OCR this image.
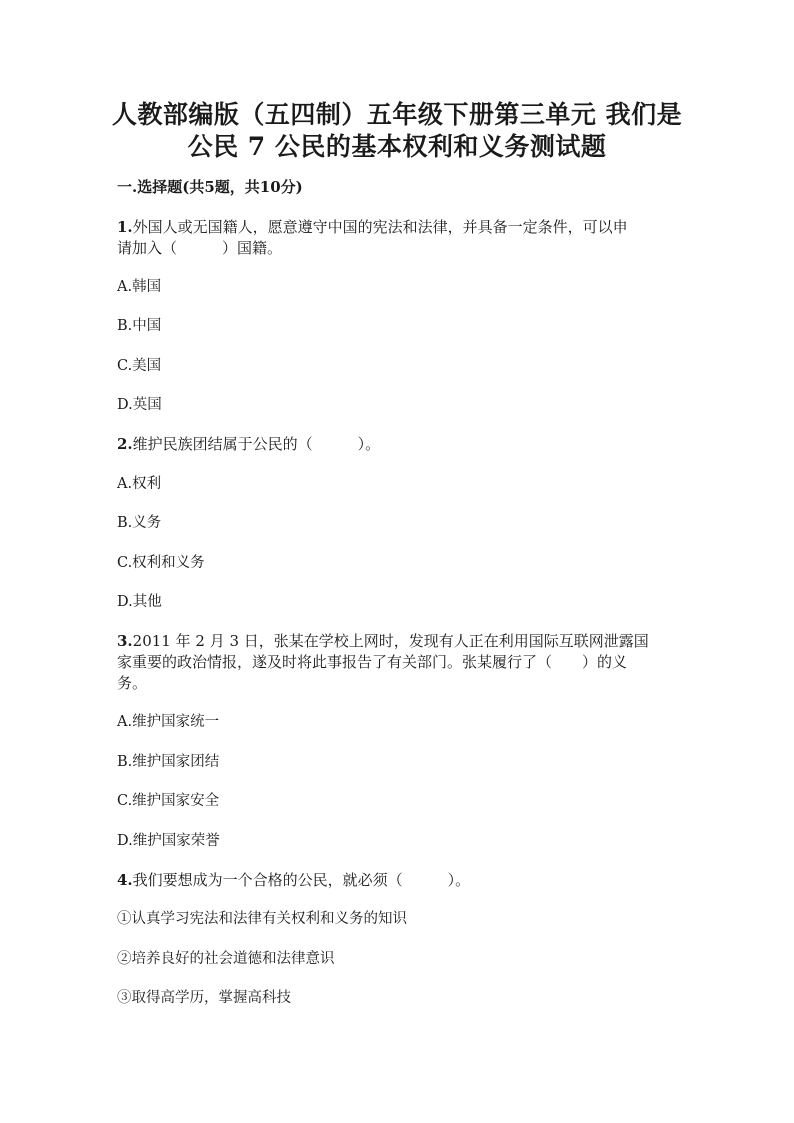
人教部编版（五四制）五年级下册第三单元 我们是
公民 7 公民的基本权利和义务测试题
一.选择题(共5题，共10分)
1.外国人或无国籍人，愿意遵守中国的宪法和法律，并具备一定条件，可以申
请加入（　　　）国籍。
A.韩国
B.中国
C.美国
D.英国
2.维护民族团结属于公民的（　　　）。
A.权利
B.义务
C.权利和义务
D.其他
3.2011 年 2 月 3 日，张某在学校上网时，发现有人正在利用国际互联网泄露国
家重要的政治情报，遂及时将此事报告了有关部门。张某履行了（　　）的义
务。
A.维护国家统一
B.维护国家团结
C.维护国家安全
D.维护国家荣誉
4.我们要想成为一个合格的公民，就必须（　　　）。
①认真学习宪法和法律有关权利和义务的知识
②培养良好的社会道德和法律意识
③取得高学历，掌握高科技
